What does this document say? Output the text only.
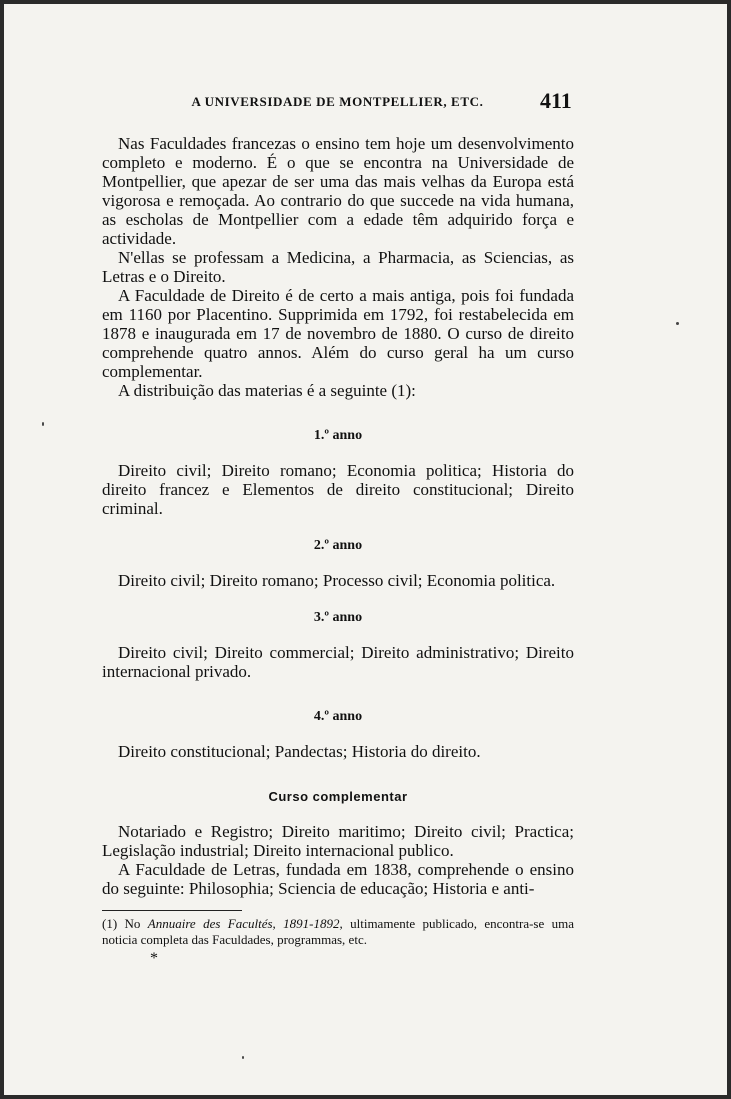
A UNIVERSIDADE DE MONTPELLIER, ETC.	411

Nas Faculdades francezas o ensino tem hoje um desenvolvimento completo e moderno. É o que se encontra na Universidade de Montpellier, que apezar de ser uma das mais velhas da Europa está vigorosa e remoçada. Ao contrario do que succede na vida humana, as escholas de Montpellier com a edade têm adquirido força e actividade.

N'ellas se professam a Medicina, a Pharmacia, as Sciencias, as Letras e o Direito.

A Faculdade de Direito é de certo a mais antiga, pois foi fundada em 1160 por Placentino. Supprimida em 1792, foi restabelecida em 1878 e inaugurada em 17 de novembro de 1880. O curso de direito comprehende quatro annos. Além do curso geral ha um curso complementar.

A distribuição das materias é a seguinte (1):

1.º anno

Direito civil; Direito romano; Economia politica; Historia do direito francez e Elementos de direito constitucional; Direito criminal.

2.º anno

Direito civil; Direito romano; Processo civil; Economia politica.

3.º anno

Direito civil; Direito commercial; Direito administrativo; Direito internacional privado.

4.º anno

Direito constitucional; Pandectas; Historia do direito.

Curso complementar

Notariado e Registro; Direito maritimo; Direito civil; Practica; Legislação industrial; Direito internacional publico.

A Faculdade de Letras, fundada em 1838, comprehende o ensino do seguinte: Philosophia; Sciencia de educação; Historia e anti-

(1) No Annuaire des Facultés, 1891-1892, ultimamente publicado, encontra-se uma noticia completa das Faculdades, programmas, etc.
*
